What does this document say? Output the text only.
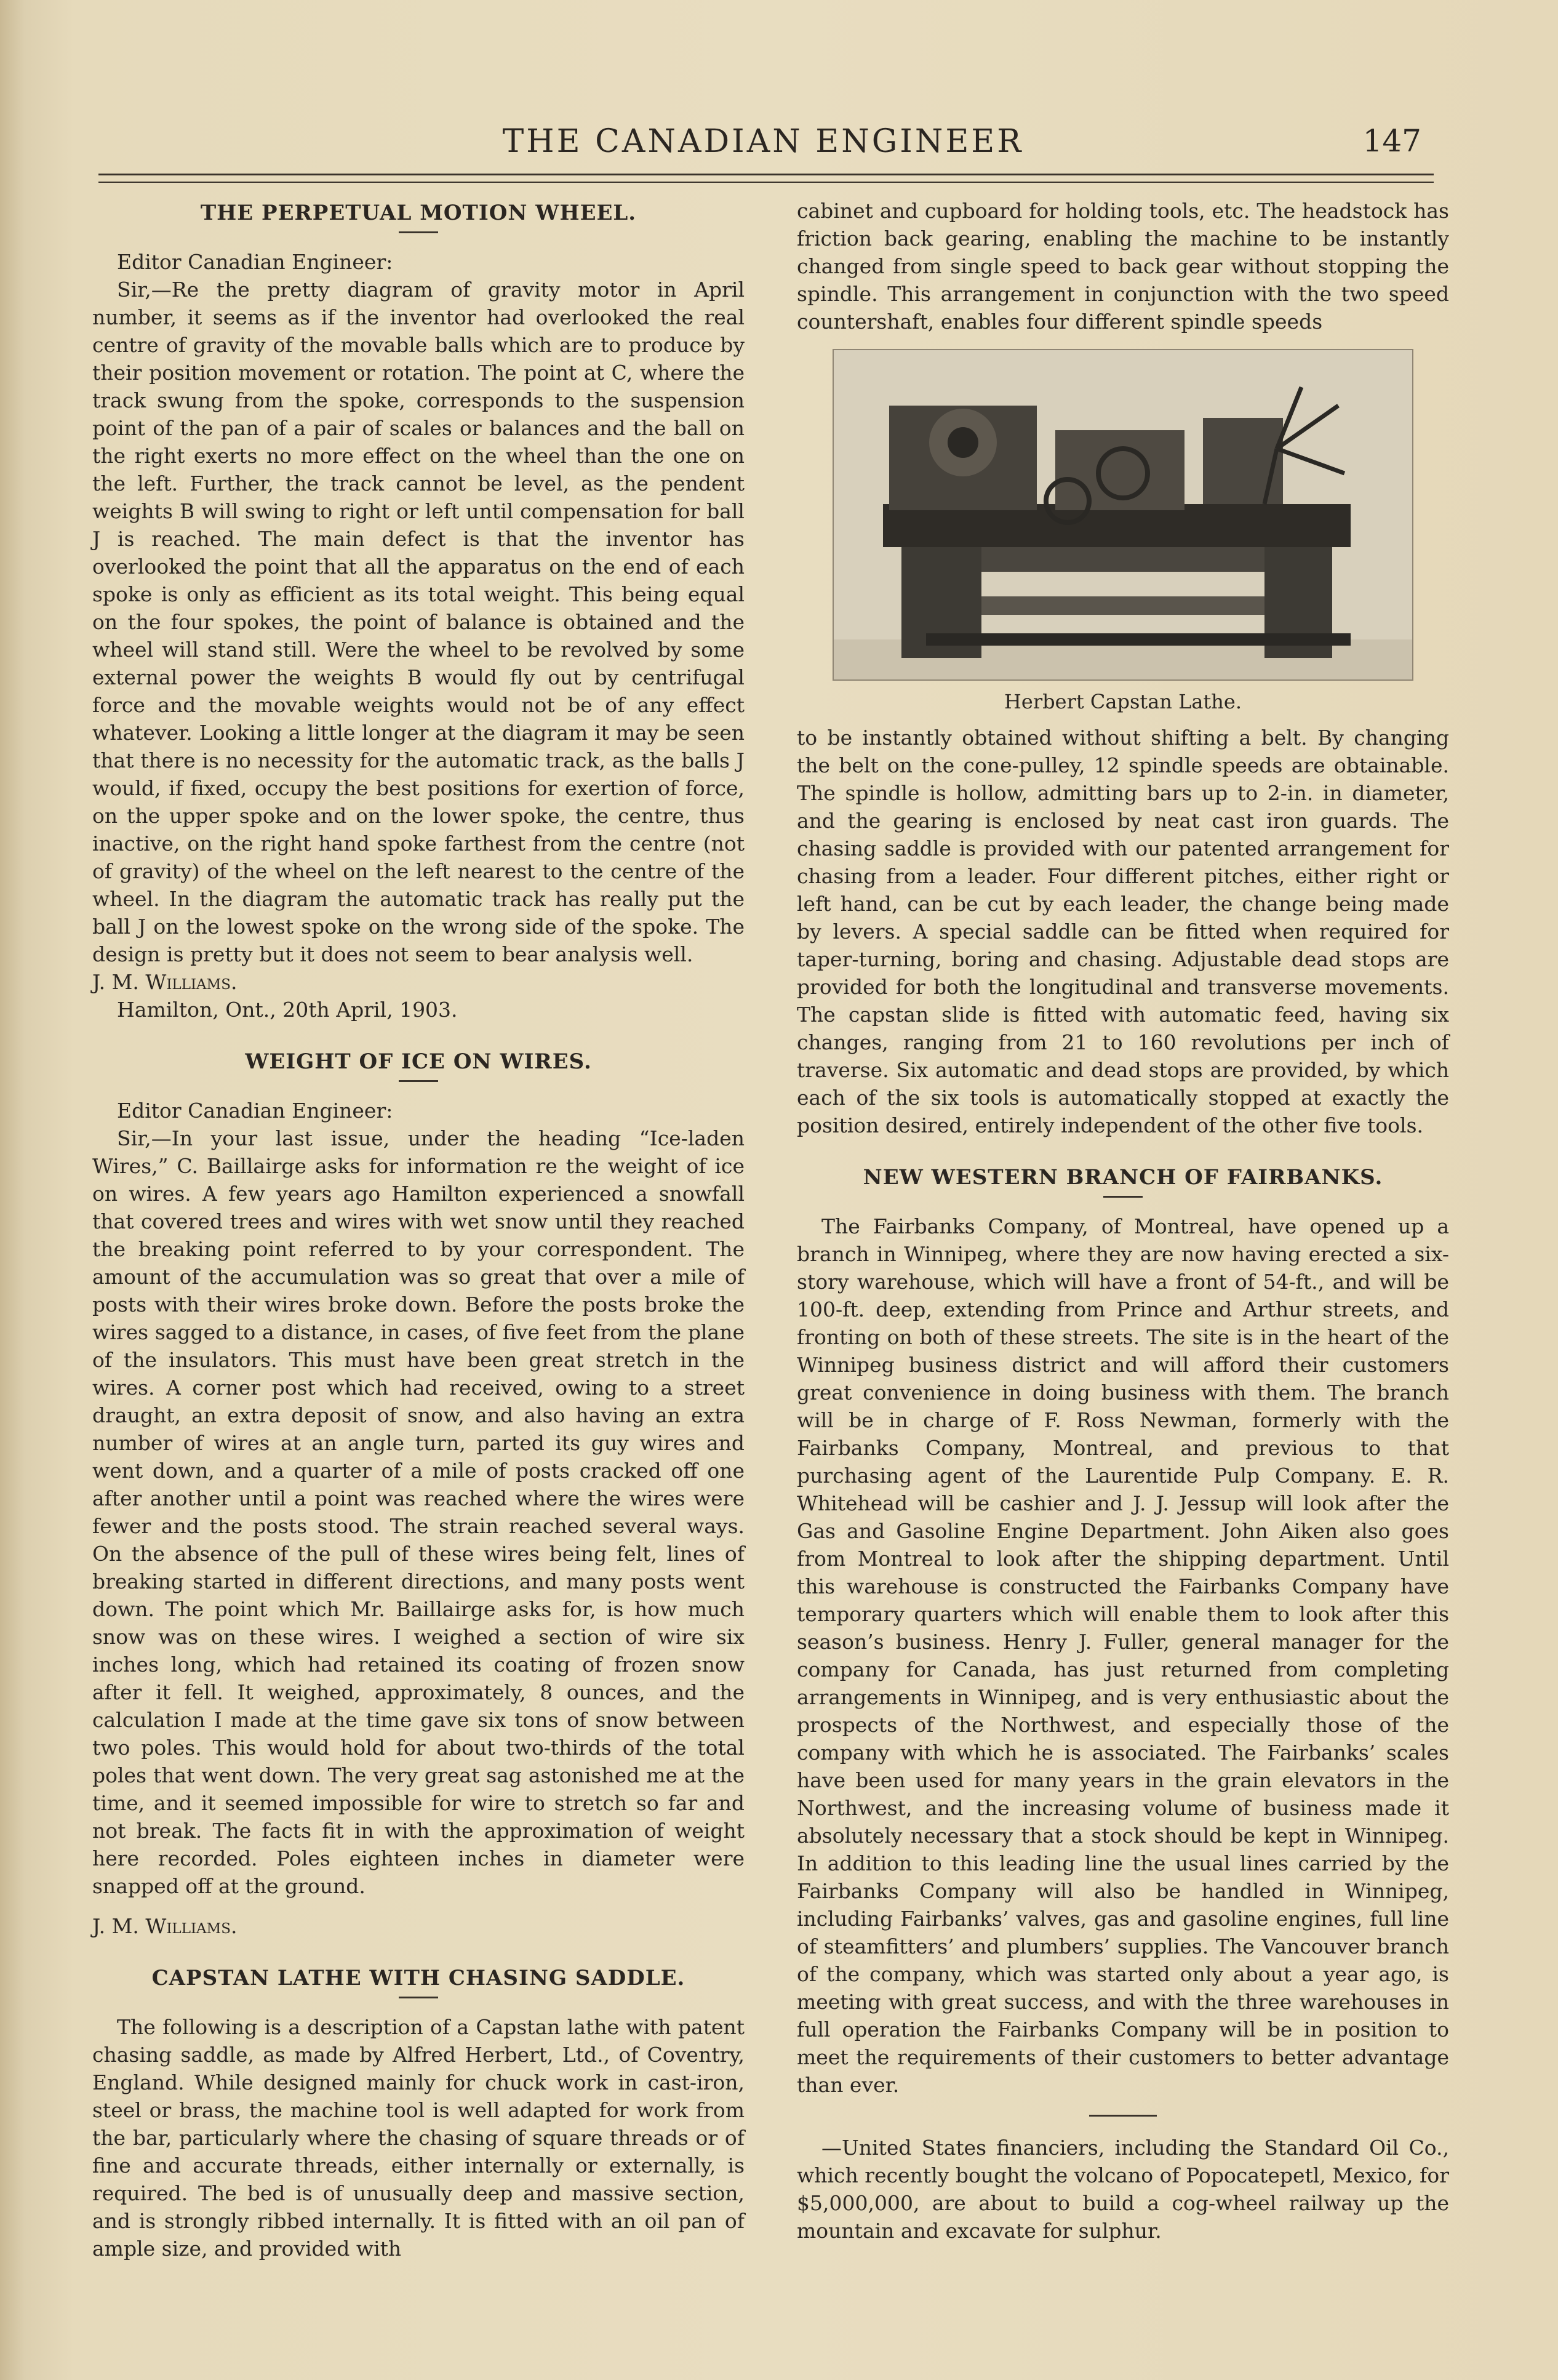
THE CANADIAN ENGINEER	147
THE PERPETUAL MOTION WHEEL.

Editor Canadian Engineer:

Sir,—Re the pretty diagram of gravity motor in April number, it seems as if the inventor had overlooked the real centre of gravity of the movable balls which are to produce by their position movement or rotation. The point at C, where the track swung from the spoke, corresponds to the suspension point of the pan of a pair of scales or balances and the ball on the right exerts no more effect on the wheel than the one on the left. Further, the track cannot be level, as the pendent weights B will swing to right or left until compensation for ball J is reached. The main defect is that the inventor has overlooked the point that all the apparatus on the end of each spoke is only as efficient as its total weight. This being equal on the four spokes, the point of balance is obtained and the wheel will stand still. Were the wheel to be revolved by some external power the weights B would fly out by centrifugal force and the movable weights would not be of any effect whatever. Looking a little longer at the diagram it may be seen that there is no necessity for the automatic track, as the balls J would, if fixed, occupy the best positions for exertion of force, on the upper spoke and on the lower spoke, the centre, thus inactive, on the right hand spoke farthest from the centre (not of gravity) of the wheel on the left nearest to the centre of the wheel. In the diagram the automatic track has really put the ball J on the lowest spoke on the wrong side of the spoke. The design is pretty but it does not seem to bear analysis well.

J. M. Williams.

Hamilton, Ont., 20th April, 1903.

WEIGHT OF ICE ON WIRES.

Editor Canadian Engineer:

Sir,—In your last issue, under the heading “Ice-laden Wires,” C. Baillairge asks for information re the weight of ice on wires. A few years ago Hamilton experienced a snowfall that covered trees and wires with wet snow until they reached the breaking point referred to by your correspondent. The amount of the accumulation was so great that over a mile of posts with their wires broke down. Before the posts broke the wires sagged to a distance, in cases, of five feet from the plane of the insulators. This must have been great stretch in the wires. A corner post which had received, owing to a street draught, an extra deposit of snow, and also having an extra number of wires at an angle turn, parted its guy wires and went down, and a quarter of a mile of posts cracked off one after another until a point was reached where the wires were fewer and the posts stood. The strain reached several ways. On the absence of the pull of these wires being felt, lines of breaking started in different directions, and many posts went down. The point which Mr. Baillairge asks for, is how much snow was on these wires. I weighed a section of wire six inches long, which had retained its coating of frozen snow after it fell. It weighed, approximately, 8 ounces, and the calculation I made at the time gave six tons of snow between two poles. This would hold for about two-thirds of the total poles that went down. The very great sag astonished me at the time, and it seemed impossible for wire to stretch so far and not break. The facts fit in with the approximation of weight here recorded. Poles eighteen inches in diameter were snapped off at the ground.

J. M. Williams.

CAPSTAN LATHE WITH CHASING SADDLE.

The following is a description of a Capstan lathe with patent chasing saddle, as made by Alfred Herbert, Ltd., of Coventry, England. While designed mainly for chuck work in cast-iron, steel or brass, the machine tool is well adapted for work from the bar, particularly where the chasing of square threads or of fine and accurate threads, either internally or externally, is required. The bed is of unusually deep and massive section, and is strongly ribbed internally. It is fitted with an oil pan of ample size, and provided with

cabinet and cupboard for holding tools, etc. The headstock has friction back gearing, enabling the machine to be instantly changed from single speed to back gear without stopping the spindle. This arrangement in conjunction with the two speed countershaft, enables four different spindle speeds

Herbert Capstan Lathe.

to be instantly obtained without shifting a belt. By changing the belt on the cone-pulley, 12 spindle speeds are obtainable. The spindle is hollow, admitting bars up to 2-in. in diameter, and the gearing is enclosed by neat cast iron guards. The chasing saddle is provided with our patented arrangement for chasing from a leader. Four different pitches, either right or left hand, can be cut by each leader, the change being made by levers. A special saddle can be fitted when required for taper-turning, boring and chasing. Adjustable dead stops are provided for both the longitudinal and transverse movements. The capstan slide is fitted with automatic feed, having six changes, ranging from 21 to 160 revolutions per inch of traverse. Six automatic and dead stops are provided, by which each of the six tools is automatically stopped at exactly the position desired, entirely independent of the other five tools.

NEW WESTERN BRANCH OF FAIRBANKS.

The Fairbanks Company, of Montreal, have opened up a branch in Winnipeg, where they are now having erected a six-story warehouse, which will have a front of 54-ft., and will be 100-ft. deep, extending from Prince and Arthur streets, and fronting on both of these streets. The site is in the heart of the Winnipeg business district and will afford their customers great convenience in doing business with them. The branch will be in charge of F. Ross Newman, formerly with the Fairbanks Company, Montreal, and previous to that purchasing agent of the Laurentide Pulp Company. E. R. Whitehead will be cashier and J. J. Jessup will look after the Gas and Gasoline Engine Department. John Aiken also goes from Montreal to look after the shipping department. Until this warehouse is constructed the Fairbanks Company have temporary quarters which will enable them to look after this season’s business. Henry J. Fuller, general manager for the company for Canada, has just returned from completing arrangements in Winnipeg, and is very enthusiastic about the prospects of the Northwest, and especially those of the company with which he is associated. The Fairbanks’ scales have been used for many years in the grain elevators in the Northwest, and the increasing volume of business made it absolutely necessary that a stock should be kept in Winnipeg. In addition to this leading line the usual lines carried by the Fairbanks Company will also be handled in Winnipeg, including Fairbanks’ valves, gas and gasoline engines, full line of steamfitters’ and plumbers’ supplies. The Vancouver branch of the company, which was started only about a year ago, is meeting with great success, and with the three warehouses in full operation the Fairbanks Company will be in position to meet the requirements of their customers to better advantage than ever.

—United States financiers, including the Standard Oil Co., which recently bought the volcano of Popocatepetl, Mexico, for $5,000,000, are about to build a cog-wheel railway up the mountain and excavate for sulphur.
